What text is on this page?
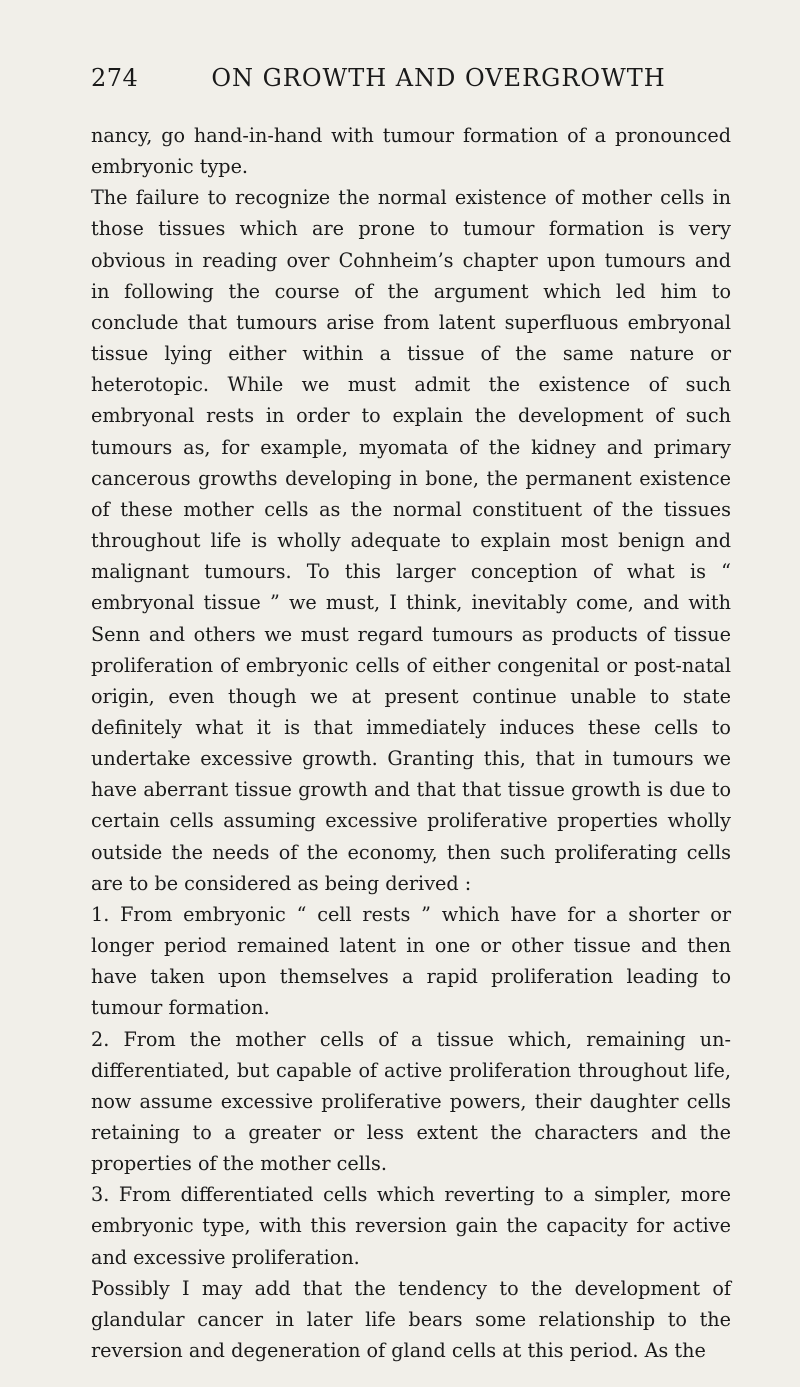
274	ON GROWTH AND OVERGROWTH

nancy, go hand-in-hand with tumour formation of a pronounced embryonic type.

The failure to recognize the normal existence of mother cells in those tissues which are prone to tumour formation is very obvious in reading over Cohnheim’s chapter upon tumours and in following the course of the argument which led him to conclude that tumours arise from latent superfluous embryonal tissue lying either within a tissue of the same nature or heterotopic. While we must admit the existence of such embryonal rests in order to explain the development of such tumours as, for example, myomata of the kidney and primary cancerous growths developing in bone, the permanent existence of these mother cells as the normal constituent of the tissues throughout life is wholly adequate to explain most benign and malignant tumours. To this larger conception of what is “ embryonal tissue ” we must, I think, inevitably come, and with Senn and others we must regard tumours as products of tissue proliferation of embryonic cells of either congenital or post-natal origin, even though we at present continue unable to state definitely what it is that immediately induces these cells to undertake excessive growth. Granting this, that in tumours we have aberrant tissue growth and that that tissue growth is due to certain cells assuming excessive proliferative properties wholly outside the needs of the economy, then such proliferating cells are to be considered as being derived :

1. From embryonic “ cell rests ” which have for a shorter or longer period remained latent in one or other tissue and then have taken upon themselves a rapid proliferation leading to tumour formation.

2. From the mother cells of a tissue which, remaining undifferentiated, but capable of active proliferation throughout life, now assume excessive proliferative powers, their daughter cells retaining to a greater or less extent the characters and the properties of the mother cells.

3. From differentiated cells which reverting to a simpler, more embryonic type, with this reversion gain the capacity for active and excessive proliferation.

Possibly I may add that the tendency to the development of glandular cancer in later life bears some relationship to the reversion and degeneration of gland cells at this period. As the
